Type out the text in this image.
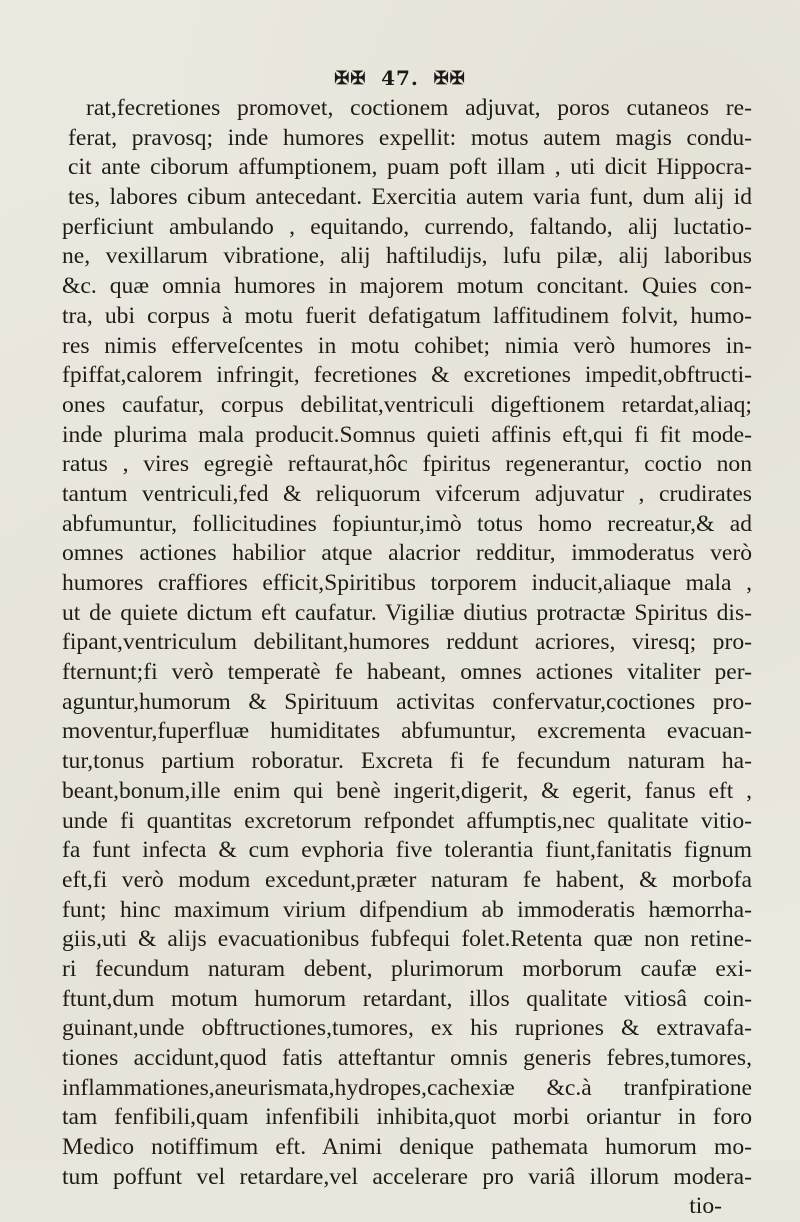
✠✠ 47. ✠✠
rat,fecretiones promovet, coctionem adjuvat, poros cutaneos re-
ferat, pravosq; inde humores expellit: motus autem magis condu-
cit ante ciborum affumptionem, puam poft illam , uti dicit Hippocra-
tes, labores cibum antecedant. Exercitia autem varia funt, dum alij id
perficiunt ambulando , equitando, currendo, faltando, alij luctatio-
ne, vexillarum vibratione, alij haftiludijs, lufu pilæ, alij laboribus
&c. quæ omnia humores in majorem motum concitant. Quies con-
tra, ubi corpus à motu fuerit defatigatum laffitudinem folvit, humo-
res nimis efferveſcentes in motu cohibet; nimia verò humores in-
fpiffat,calorem infringit, fecretiones & excretiones impedit,obftructi-
ones caufatur, corpus debilitat,ventriculi digeftionem retardat,aliaq;
inde plurima mala producit.Somnus quieti affinis eft,qui fi fit mode-
ratus , vires egregiè reftaurat,hôc fpiritus regenerantur, coctio non
tantum ventriculi,fed & reliquorum vifcerum adjuvatur , crudirates
abfumuntur, follicitudines fopiuntur,imò totus homo recreatur,& ad
omnes actiones habilior atque alacrior redditur, immoderatus verò
humores craffiores efficit,Spiritibus torporem inducit,aliaque mala ,
ut de quiete dictum eft caufatur. Vigiliæ diutius protractæ Spiritus dis-
fipant,ventriculum debilitant,humores reddunt acriores, viresq; pro-
fternunt;fi verò temperatè fe habeant, omnes actiones vitaliter per-
aguntur,humorum & Spirituum activitas confervatur,coctiones pro-
moventur,fuperfluæ humiditates abfumuntur, excrementa evacuan-
tur,tonus partium roboratur. Excreta fi fe fecundum naturam ha-
beant,bonum,ille enim qui benè ingerit,digerit, & egerit, fanus eft ,
unde fi quantitas excretorum refpondet affumptis,nec qualitate vitio-
fa funt infecta & cum evphoria five tolerantia fiunt,fanitatis fignum
eft,fi verò modum excedunt,præter naturam fe habent, & morbofa
funt; hinc maximum virium difpendium ab immoderatis hæmorrha-
giis,uti & alijs evacuationibus fubfequi folet.Retenta quæ non retine-
ri fecundum naturam debent, plurimorum morborum caufæ exi-
ftunt,dum motum humorum retardant, illos qualitate vitiosâ coin-
guinant,unde obftructiones,tumores, ex his rupriones & extravafa-
tiones accidunt,quod fatis atteftantur omnis generis febres,tumores,
inflammationes,aneurismata,hydropes,cachexiæ &c.à tranfpiratione
tam fenfibili,quam infenfibili inhibita,quot morbi oriantur in foro
Medico notiffimum eft. Animi denique pathemata humorum mo-
tum poffunt vel retardare,vel accelerare pro variâ illorum modera-
tio-
